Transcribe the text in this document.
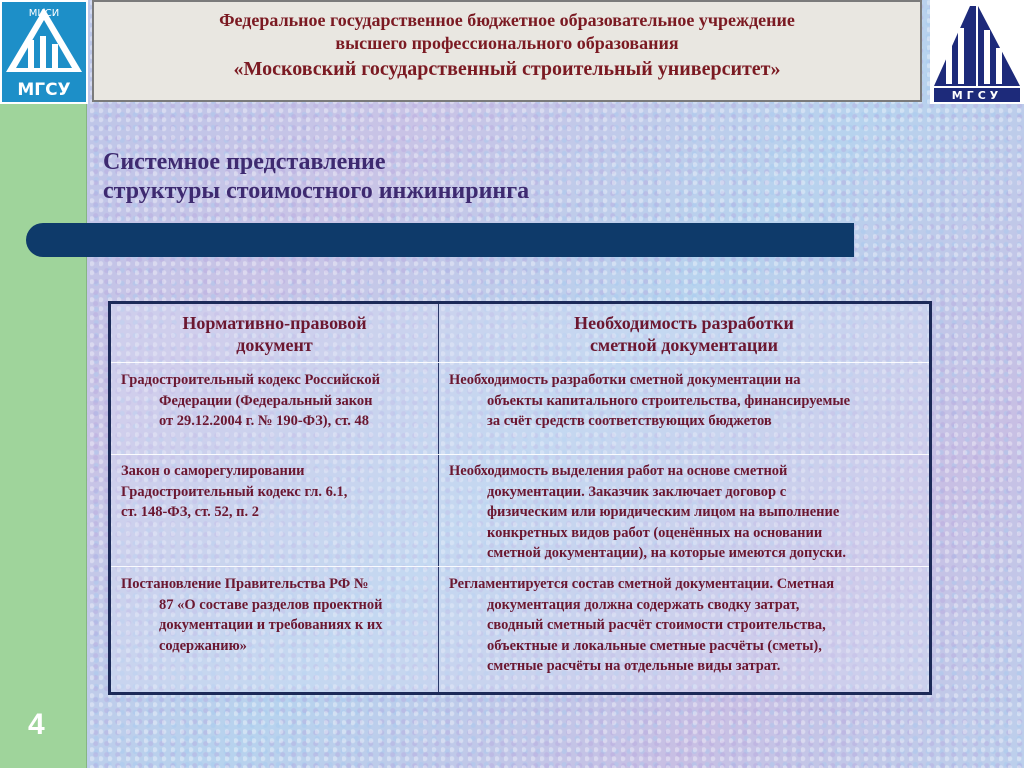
4
МИСИ
МГСУ	МГСУ
Федеральное государственное бюджетное образовательное учреждение
высшего профессионального образования
«Московский государственный строительный университет»
Системное представление
структуры стоимостного инжиниринга
Нормативно-правовой
документ
Необходимость разработки
сметной документации
Градостроительный кодекс Российской
Федерации (Федеральный закон
от 29.12.2004 г. № 190-ФЗ), ст. 48
Необходимость разработки сметной документации на
объекты капитального строительства, финансируемые
за счёт средств соответствующих бюджетов
Закон о саморегулировании
Градостроительный кодекс гл. 6.1,
ст. 148-ФЗ, ст. 52, п. 2
Необходимость выделения работ на основе сметной
документации. Заказчик заключает договор с
физическим или юридическим лицом на выполнение
конкретных видов работ (оценённых на основании
сметной документации), на которые имеются допуски.
Постановление Правительства РФ №
87 «О составе разделов проектной
документации и требованиях к их
содержанию»
Регламентируется состав сметной документации. Сметная
документация должна содержать сводку затрат,
сводный сметный расчёт стоимости строительства,
объектные и локальные сметные расчёты (сметы),
сметные расчёты на отдельные виды затрат.
